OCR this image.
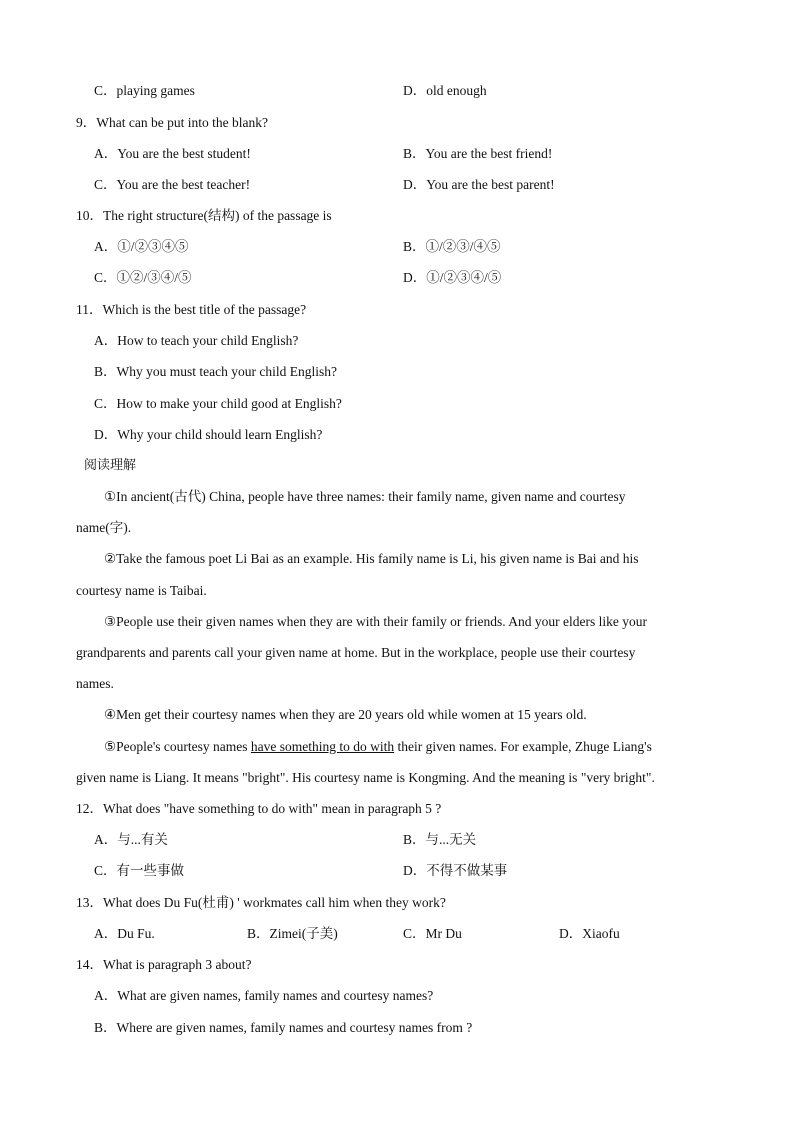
C．playing games	D．old enough
9．What can be put into the blank?
A．You are the best student!	B．You are the best friend!
C．You are the best teacher!	D．You are the best parent!
10．The right structure(结构) of the passage is
A．①/②③④⑤	B．①/②③/④⑤
C．①②/③④/⑤	D．①/②③④/⑤
11．Which is the best title of the passage?
A．How to teach your child English?
B．Why you must teach your child English?
C．How to make your child good at English?
D．Why your child should learn English?
阅读理解
①In ancient(古代) China, people have three names: their family name, given name and courtesy
name(字).
②Take the famous poet Li Bai as an example. His family name is Li, his given name is Bai and his
courtesy name is Taibai.
③People use their given names when they are with their family or friends. And your elders like your
grandparents and parents call your given name at home. But in the workplace, people use their courtesy
names.
④Men get their courtesy names when they are 20 years old while women at 15 years old.
⑤People's courtesy names have something to do with their given names. For example, Zhuge Liang's
given name is Liang. It means "bright". His courtesy name is Kongming. And the meaning is "very bright".
12．What does "have something to do with" mean in paragraph 5 ?
A．与...有关	B．与...无关
C．有一些事做	D．不得不做某事
13．What does Du Fu(杜甫) ' workmates call him when they work?
A．Du Fu.	B．Zimei(子美)	C．Mr Du	D．Xiaofu
14．What is paragraph 3 about?
A．What are given names, family names and courtesy names?
B．Where are given names, family names and courtesy names from ?
